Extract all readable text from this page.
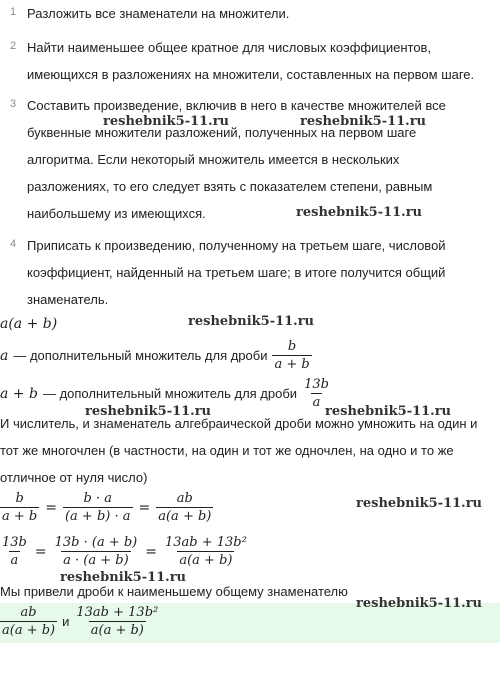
1 Разложить все знаменатели на множители.
2 Найти наименьшее общее кратное для числовых коэффициентов,
имеющихся в разложениях на множители, составленных на первом шаге.
3 Составить произведение, включив в него в качестве множителей все
буквенные множители разложений, полученных на первом шаге
алгоритма. Если некоторый множитель имеется в нескольких
разложениях, то его следует взять с показателем степени, равным
наибольшему из имеющихся.
4 Приписать к произведению, полученному на третьем шаге, числовой
коэффициент, найденный на третьем шаге; в итоге получится общий
знаменатель.
a(a + b)
a — дополнительный множитель для дроби $\frac{b}{a + b}$
a + b — дополнительный множитель для дроби $\frac{13b}{a}$
И числитель, и знаменатель алгебраической дроби можно умножить на один и
тот же многочлен (в частности, на один и тот же одночлен, на одно и то же
отличное от нуля число)
$\frac{b}{a + b} = \frac{b \cdot a}{(a + b) \cdot a} = \frac{ab}{a(a + b)}$
$\frac{13b}{a} = \frac{13b \cdot (a + b)}{a \cdot (a + b)} = \frac{\text{13ab + 13b²}}{a(a + b)}$
Мы привели дроби к наименьшему общему знаменателю
$\frac{ab}{a(a + b)}$ и $\frac{\text{13ab + 13b²}}{a(a + b)}$
reshebnik5-11.ru	reshebnik5-11.ru
reshebnik5-11.ru
reshebnik5-11.ru
reshebnik5-11.ru	reshebnik5-11.ru
reshebnik5-11.ru
reshebnik5-11.ru
reshebnik5-11.ru
